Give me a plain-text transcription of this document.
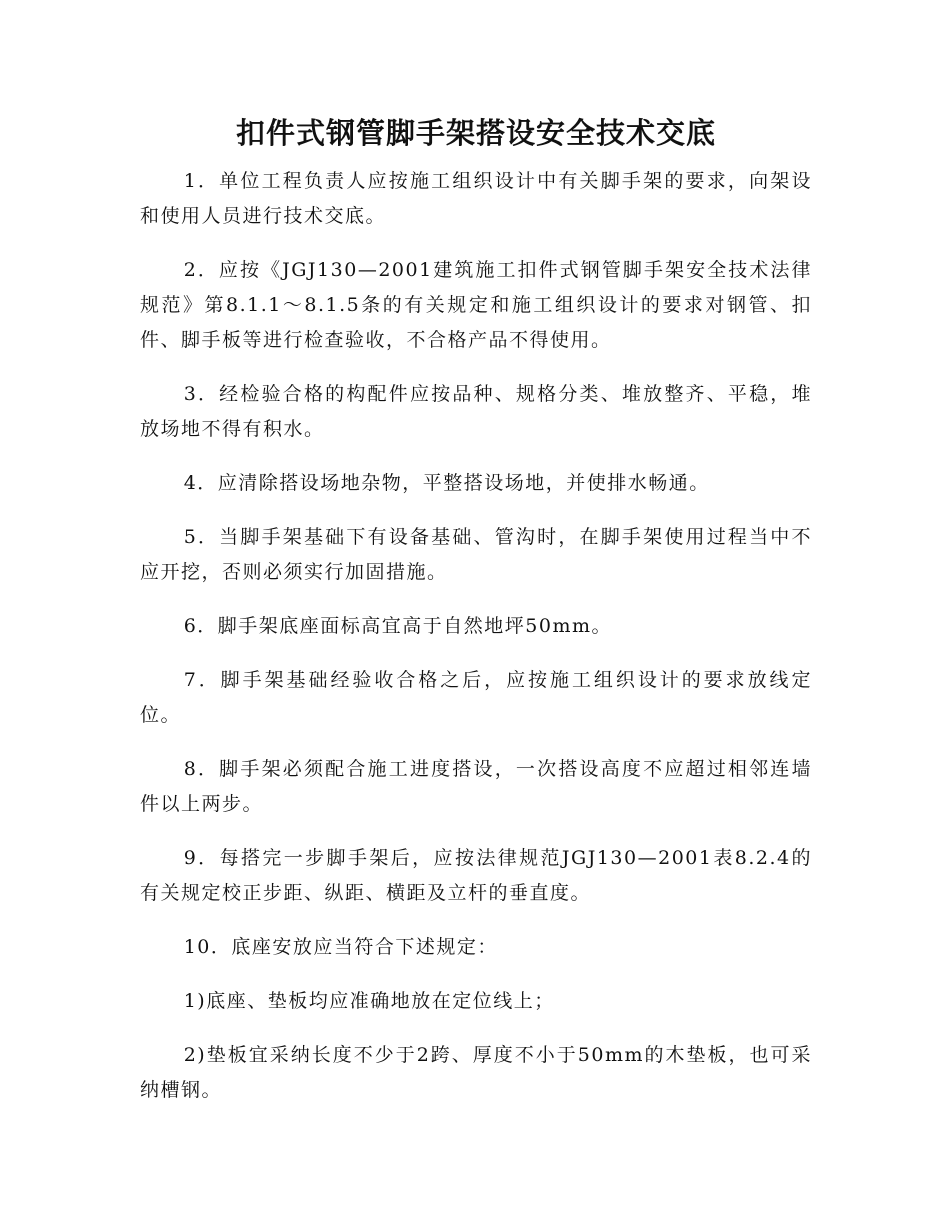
扣件式钢管脚手架搭设安全技术交底

1．单位工程负责人应按施工组织设计中有关脚手架的要求，向架设和使用人员进行技术交底。

2．应按《JGJ130—2001建筑施工扣件式钢管脚手架安全技术法律规范》第8.1.1～8.1.5条的有关规定和施工组织设计的要求对钢管、扣件、脚手板等进行检查验收，不合格产品不得使用。

3．经检验合格的构配件应按品种、规格分类、堆放整齐、平稳，堆放场地不得有积水。

4．应清除搭设场地杂物，平整搭设场地，并使排水畅通。

5．当脚手架基础下有设备基础、管沟时，在脚手架使用过程当中不应开挖，否则必须实行加固措施。

6．脚手架底座面标高宜高于自然地坪50mm。

7．脚手架基础经验收合格之后，应按施工组织设计的要求放线定位。

8．脚手架必须配合施工进度搭设，一次搭设高度不应超过相邻连墙件以上两步。

9．每搭完一步脚手架后，应按法律规范JGJ130—2001表8.2.4的有关规定校正步距、纵距、横距及立杆的垂直度。

10．底座安放应当符合下述规定：

1)底座、垫板均应准确地放在定位线上；

2)垫板宜采纳长度不少于2跨、厚度不小于50mm的木垫板，也可采纳槽钢。
